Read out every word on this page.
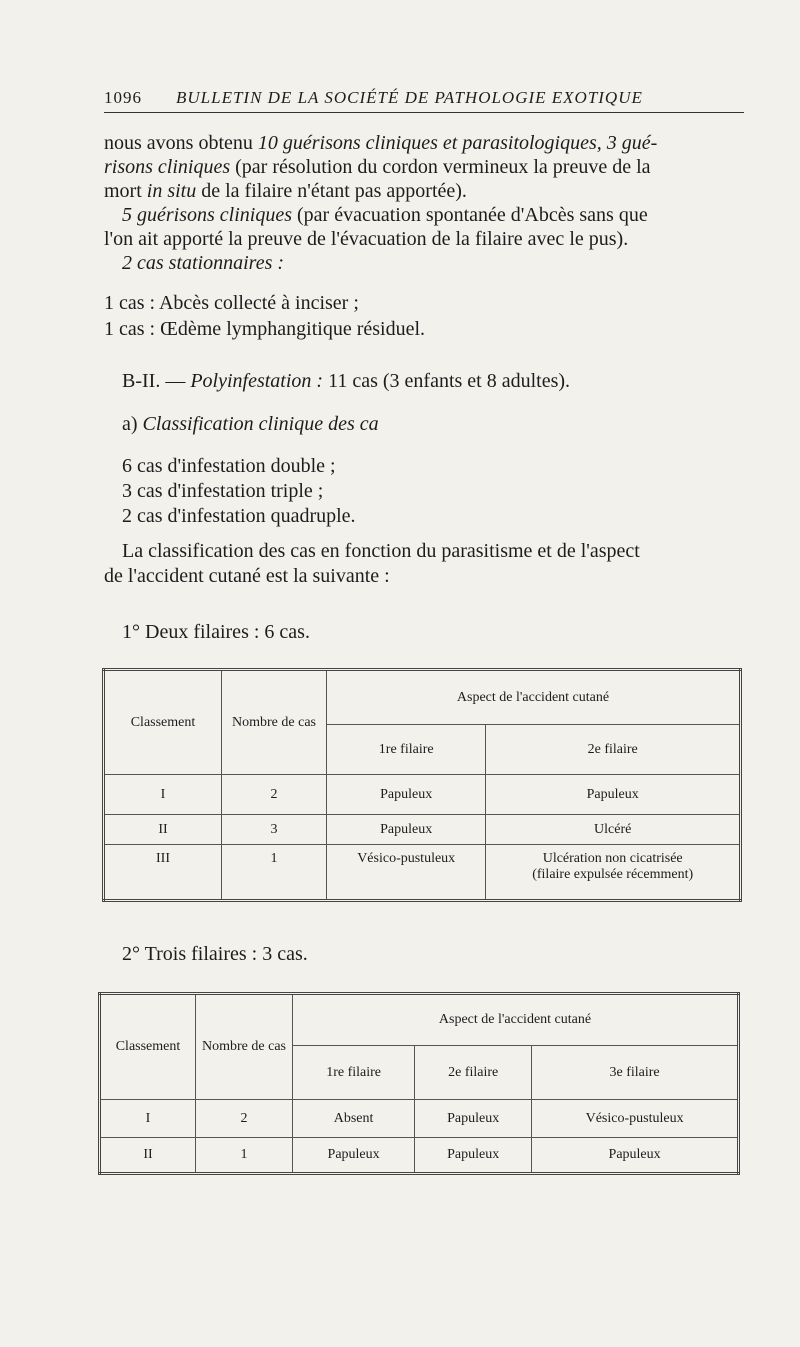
1096 BULLETIN DE LA SOCIÉTÉ DE PATHOLOGIE EXOTIQUE
nous avons obtenu 10 guérisons cliniques et parasitologiques, 3 gué-
risons cliniques (par résolution du cordon vermineux la preuve de la
mort in situ de la filaire n'étant pas apportée).
5 guérisons cliniques (par évacuation spontanée d'Abcès sans que
l'on ait apporté la preuve de l'évacuation de la filaire avec le pus).
2 cas stationnaires :
1 cas : Abcès collecté à inciser ;
1 cas : Œdème lymphangitique résiduel.
B-II. — Polyinfestation : 11 cas (3 enfants et 8 adultes).
a) Classification clinique des ca
6 cas d'infestation double ;
3 cas d'infestation triple ;
2 cas d'infestation quadruple.
La classification des cas en fonction du parasitisme et de l'aspect
de l'accident cutané est la suivante :
1° Deux filaires : 6 cas.
Classement	Nombre de cas	Aspect de l'accident cutané	
		1re filaire	2e filaire
I	2	Papuleux	Papuleux
II	3	Papuleux	Ulcéré
III	1	Vésico-pustuleux	Ulcération non cicatrisée
(filaire expulsée récemment)
2° Trois filaires : 3 cas.
Classement	Nombre de cas	Aspect de l'accident cutané		
		1re filaire	2e filaire	3e filaire
I	2	Absent	Papuleux	Vésico-pustuleux
II	1	Papuleux	Papuleux	Papuleux
